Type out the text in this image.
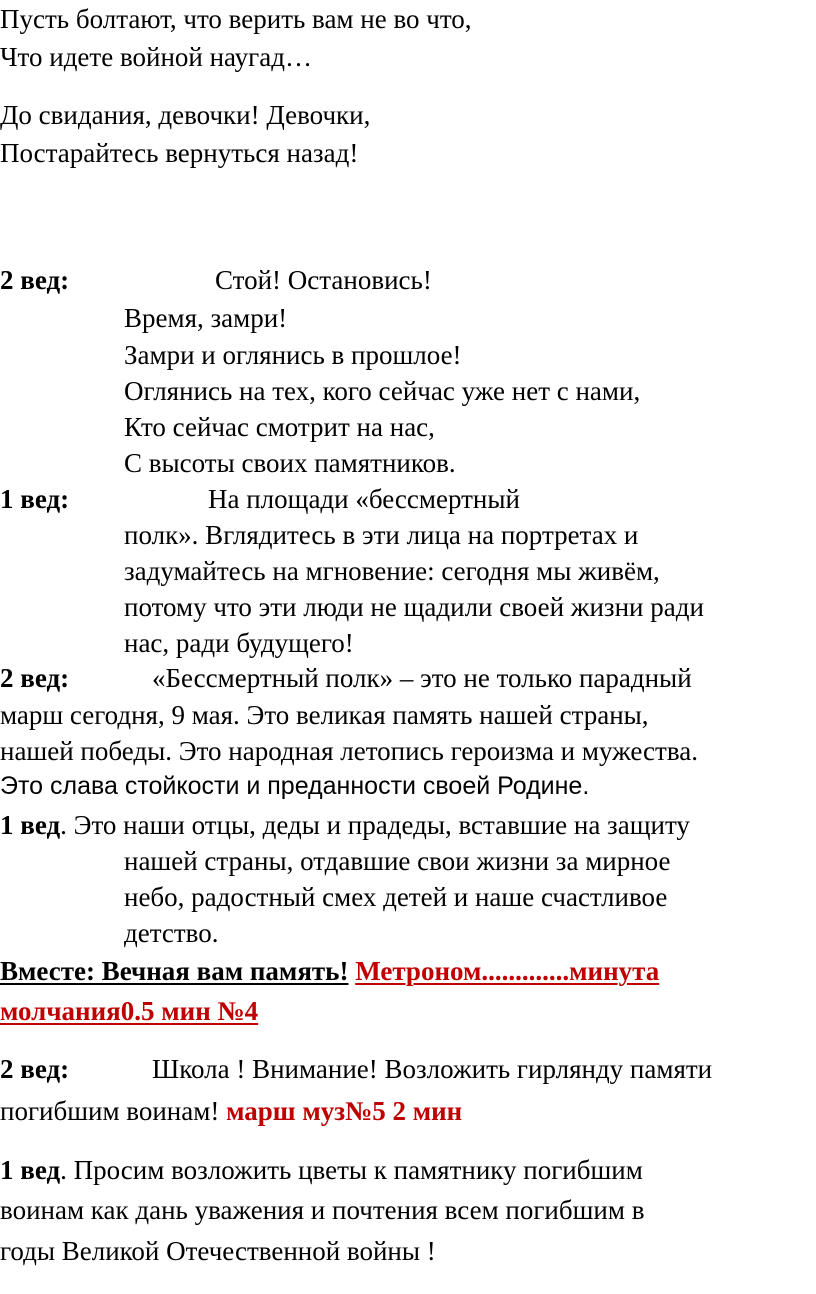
Пусть болтают, что верить вам не во что,
Что идете войной наугад…
До свидания, девочки! Девочки,
Постарайтесь вернуться назад!
2 вед:	Стой! Остановись!
Время, замри!
Замри и оглянись в прошлое!
Оглянись на тех, кого сейчас уже нет с нами,
Кто сейчас смотрит на нас,
С высоты своих памятников.
1 вед:	На площади «бессмертный
полк». Вглядитесь в эти лица на портретах и
задумайтесь на мгновение: сегодня мы живём,
потому что эти люди не щадили своей жизни ради
нас, ради будущего!
2 вед:	«Бессмертный полк» – это не только парадный
марш сегодня, 9 мая. Это великая память нашей страны,
нашей победы. Это народная летопись героизма и мужества.
Это слава стойкости и преданности своей Родине.
1 вед. Это наши отцы, деды и прадеды, вставшие на защиту
нашей страны, отдавшие свои жизни за мирное
небо, радостный смех детей и наше счастливое
детство.
Вместе: Вечная вам память! Метроном.............минута
молчания0.5 мин №4
2 вед:	Школа ! Внимание! Возложить гирлянду памяти
погибшим воинам! марш муз№5 2 мин
1 вед. Просим возложить цветы к памятнику погибшим
воинам как дань уважения и почтения всем погибшим в
годы Великой Отечественной войны !
